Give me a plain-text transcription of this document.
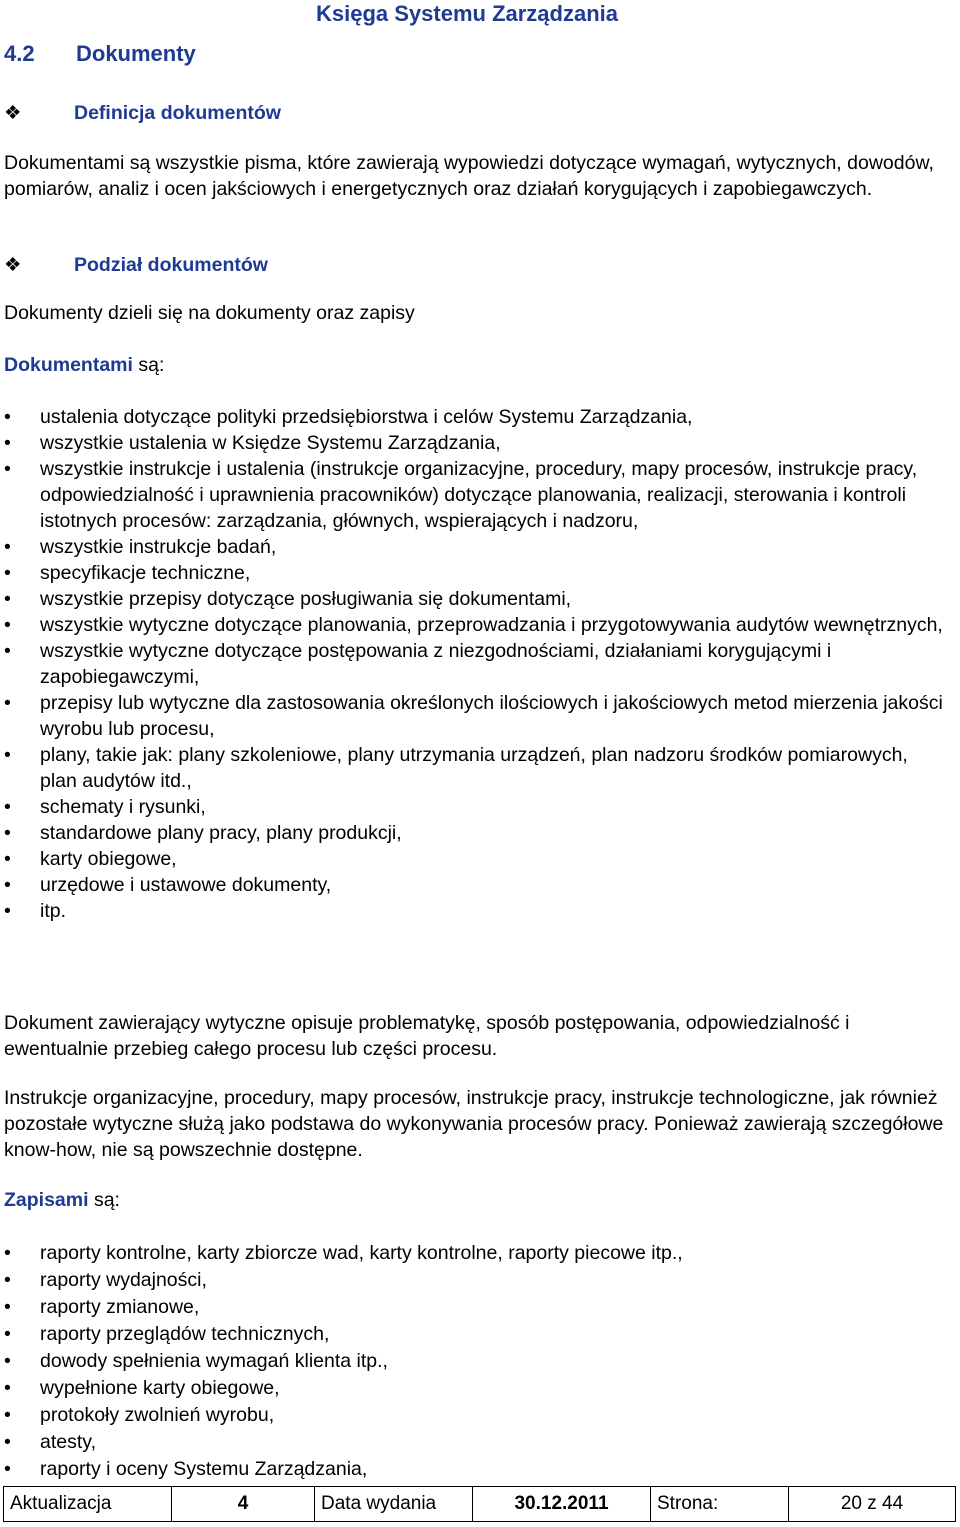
Księga Systemu Zarządzania
4.2 Dokumenty
❖	Definicja dokumentów
Dokumentami są wszystkie pisma, które zawierają wypowiedzi dotyczące wymagań, wytycznych, dowodów, pomiarów, analiz i ocen jakściowych i energetycznych oraz działań korygujących i zapobiegawczych.
❖	Podział dokumentów
Dokumenty dzieli się na dokumenty oraz zapisy
Dokumentami są:
•	ustalenia dotyczące polityki przedsiębiorstwa i celów Systemu Zarządzania,
•	wszystkie ustalenia w Księdze Systemu Zarządzania,
•	wszystkie instrukcje i ustalenia (instrukcje organizacyjne, procedury, mapy procesów, instrukcje pracy, odpowiedzialność i uprawnienia pracowników) dotyczące planowania, realizacji, sterowania i kontroli istotnych procesów: zarządzania, głównych, wspierających i nadzoru,
•	wszystkie instrukcje badań,
•	specyfikacje techniczne,
•	wszystkie przepisy dotyczące posługiwania się dokumentami,
•	wszystkie wytyczne dotyczące planowania, przeprowadzania i przygotowywania audytów wewnętrznych,
•	wszystkie wytyczne dotyczące postępowania z niezgodnościami, działaniami korygującymi i zapobiegawczymi,
•	przepisy lub wytyczne dla zastosowania określonych ilościowych i jakościowych metod mierzenia jakości wyrobu lub procesu,
•	plany, takie jak: plany szkoleniowe, plany utrzymania urządzeń, plan nadzoru środków pomiarowych, plan audytów itd.,
•	schematy i rysunki,
•	standardowe plany pracy, plany produkcji,
•	karty obiegowe,
•	urzędowe i ustawowe dokumenty,
•	itp.
Dokument zawierający wytyczne opisuje problematykę, sposób postępowania, odpowiedzialność i ewentualnie przebieg całego procesu lub części procesu.
Instrukcje organizacyjne, procedury, mapy procesów, instrukcje pracy, instrukcje technologiczne, jak również pozostałe wytyczne służą jako podstawa do wykonywania procesów pracy. Ponieważ zawierają szczegółowe know-how, nie są powszechnie dostępne.
Zapisami są:
•	raporty kontrolne, karty zbiorcze wad, karty kontrolne, raporty piecowe itp.,
•	raporty wydajności,
•	raporty zmianowe,
•	raporty przeglądów technicznych,
•	dowody spełnienia wymagań klienta itp.,
•	wypełnione karty obiegowe,
•	protokoły zwolnień wyrobu,
•	atesty,
•	raporty i oceny Systemu Zarządzania,
Aktualizacja	4	Data wydania	30.12.2011	Strona:	20 z 44
